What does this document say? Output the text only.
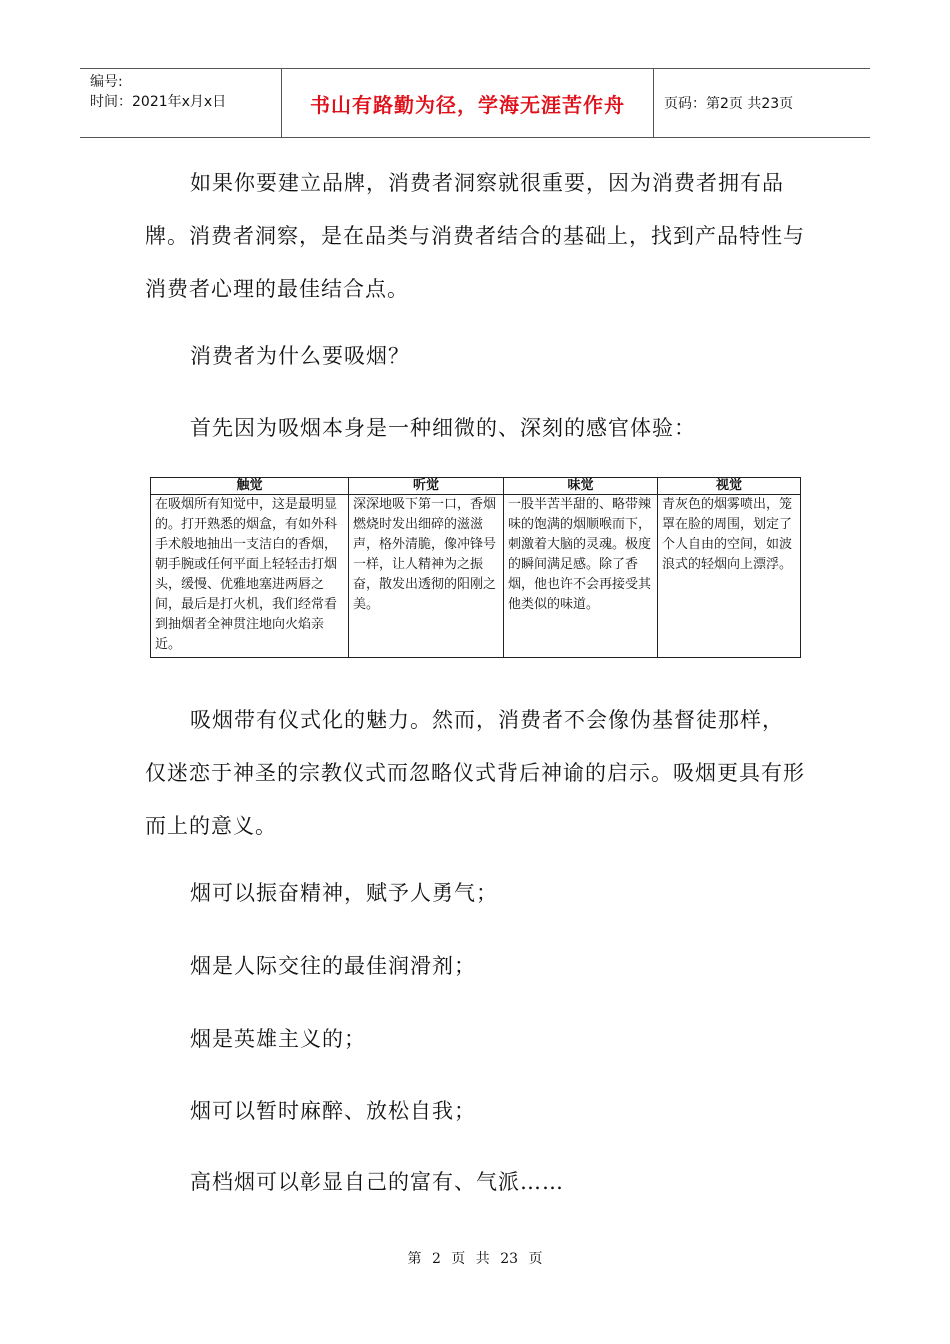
编号:
时间：2021年x月x日	书山有路勤为径，学海无涯苦作舟	页码：第2页 共23页

如果你要建立品牌，消费者洞察就很重要，因为消费者拥有品牌。消费者洞察，是在品类与消费者结合的基础上，找到产品特性与消费者心理的最佳结合点。

消费者为什么要吸烟？

首先因为吸烟本身是一种细微的、深刻的感官体验：

触觉	听觉	味觉	视觉
在吸烟所有知觉中，这是最明显的。打开熟悉的烟盒，有如外科手术般地抽出一支洁白的香烟，朝手腕或任何平面上轻轻击打烟头，缓慢、优雅地塞进两唇之间，最后是打火机，我们经常看到抽烟者全神贯注地向火焰亲近。	深深地吸下第一口，香烟燃烧时发出细碎的滋滋声，格外清脆，像冲锋号一样，让人精神为之振奋，散发出透彻的阳刚之美。	一股半苦半甜的、略带辣味的饱满的烟顺喉而下，刺激着大脑的灵魂。极度的瞬间满足感。除了香烟，他也许不会再接受其他类似的味道。	青灰色的烟雾喷出，笼罩在脸的周围，划定了个人自由的空间，如波浪式的轻烟向上漂浮。

吸烟带有仪式化的魅力。然而，消费者不会像伪基督徒那样，仅迷恋于神圣的宗教仪式而忽略仪式背后神谕的启示。吸烟更具有形而上的意义。

烟可以振奋精神，赋予人勇气；

烟是人际交往的最佳润滑剂；

烟是英雄主义的；

烟可以暂时麻醉、放松自我；

高档烟可以彰显自己的富有、气派……

第 2 页 共 23 页
